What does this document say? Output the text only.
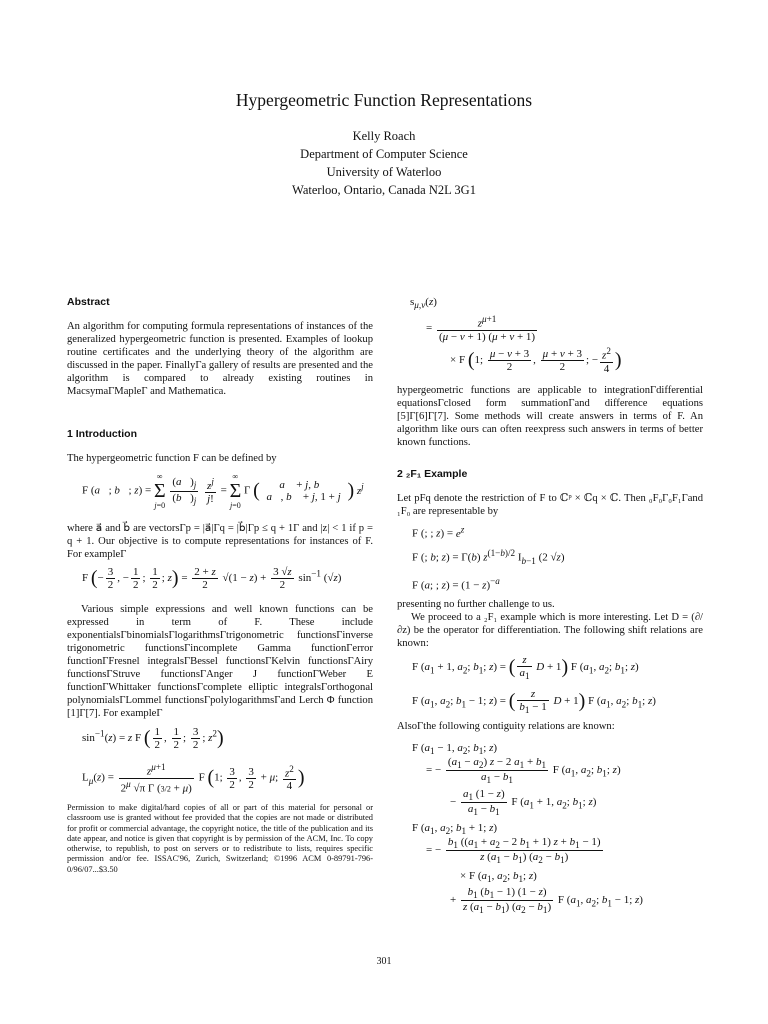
Hypergeometric Function Representations
Kelly Roach
Department of Computer Science
University of Waterloo
Waterloo, Ontario, Canada N2L 3G1
Abstract
An algorithm for computing formula representations of instances of the generalized hypergeometric function is presented. Examples of lookup routine certificates and the underlying theory of the algorithm are discussed in the paper. FinallyΓa gallery of results are presented and the algorithm is compared to already existing routines in MacsymaΓMapleΓ and Mathematica.
1 Introduction
The hypergeometric function F can be defined by
F (a⃗; b⃗; z) = ∞
Σ
$j=0 \frac{(a⃗)_j}{(b⃗)_j}$
$\frac{z^j}{j!}$ = ∞
Σ
j=0 Γ (	a⃗ + j, b⃗
a⃗, b⃗ + j, 1 + j ) $z^j$
where a⃗ and b⃗ are vectorsΓp = |a⃗|Γq = |b⃗|Γp ≤ q + 1Γ and |z| < 1 if p = q + 1. Our objective is to compute representations for instances of F. For exampleΓ
F (− $\frac{3}{2}$ , − $\frac{1}{2}$ ; $\frac{1}{2}$ ; $z) = \frac{2 + z}{2} √(1 - z) + \frac{3 √z}{2} \sin^{-1} (√z)$
Various simple expressions and well known functions can be expressed in term of F. These include exponentialsΓbinomialsΓlogarithmsΓtrigonometric functionsΓinverse trigonometric functionsΓincomplete Gamma functionΓerror functionΓFresnel integralsΓBessel functionsΓKelvin functionsΓAiry functionsΓStruve functionsΓAnger J functionΓWeber E functionΓWhittaker functionsΓcomplete elliptic integralsΓorthogonal polynomialsΓLommel functionsΓpolylogarithmsΓand Lerch Φ function [1]Γ[7]. For exampleΓ
$\sin^{-1}(z) = z$ F ( $\frac{1}{2}$ , $\frac{1}{2}$ ; $\frac{3}{2}$ ; $z^2$)
$L_\mu(z) = \frac{z^{\mu+1}}{2^\mu √\pi \Gamma (3/2 + \mu)}$ F (1; $\frac{3}{2}$ , $\frac{3}{2} + \mu$; $\frac{z^2}{4}$ )
Permission to make digital/hard copies of all or part of this material for personal or classroom use is granted without fee provided that the copies are not made or distributed for profit or commercial advantage, the copyright notice, the title of the publication and its date appear, and notice is given that copyright is by permission of the ACM, Inc. To copy otherwise, to republish, to post on servers or to redistribute to lists, requires specific permission and/or fee. ISSAC'96, Zurich, Switzerland; ©1996 ACM 0-89791-796-0/96/07...$3.50
301
$s_{\mu,\nu}(z)$
= $\frac{z^{\mu+1}}{(\mu - \nu + 1) (\mu + \nu + 1)}$
× F (1; $\frac{\mu - \nu + 3}{2}$ , $\frac{\mu + \nu + 3}{2}$ ; − $\frac{z^2}{4}$ )
hypergeometric functions are applicable to integrationΓdifferential equationsΓclosed form summationΓand difference equations [5]Γ[6]Γ[7]. Some methods will create answers in terms of F. An algorithm like ours can often reexpress such answers in terms of better known functions.
2 ₂F₁ Example
Let pFq denote the restriction of F to ℂᵖ × ℂq × ℂ. Then ₀F₀Γ₀F₁Γand ₁F₀ are representable by
F (; ; $z) = e^z$
F (; b; z) = Γ(b) $z^{(1-b)/2}$ $I_{b-1}$ (2 √z)
F (a; ; $z) = (1 - z)^{-a}$
presenting no further challenge to us.
We proceed to a ₂F₁ example which is more interesting. Let D = (∂/∂z) be the operator for differentiation. The following shift relations are known:
F ($a_1 + 1$, $a_2$; $b_1$; z) = ( $\frac{z}{a_1}$ D + 1) F ($a_1$, $a_2$; $b_1$; z)
F ($a_1$, $a_2$; $b_1 - 1$; z) = ( $\frac{z}{b_1 - 1}$ D + 1) F ($a_1$, $a_2$; $b_1$; z)
AlsoΓthe following contiguity relations are known:
F ($a_1 - 1$, $a_2$; $b_1$; z)
= − $\frac{(a_1 - a_2) z - 2 a_1 + b_1}{a_1 - b_1}$ F ($a_1$, $a_2$; $b_1$; z)
− $\frac{a_1 (1 - z)}{a_1 - b_1}$ F ($a_1 + 1$, $a_2$; $b_1$; z)
F ($a_1$, $a_2$; $b_1 + 1$; z)
= − $\frac{b_1 ((a_1 + a_2 - 2 b_1 + 1) z + b_1 - 1)}{z (a_1 - b_1) (a_2 - b_1)}$
× F ($a_1$, $a_2$; $b_1$; z)
+ $\frac{b_1 (b_1 - 1) (1 - z)}{z (a_1 - b_1) (a_2 - b_1)}$ F ($a_1$, $a_2$; $b_1 - 1$; z)
